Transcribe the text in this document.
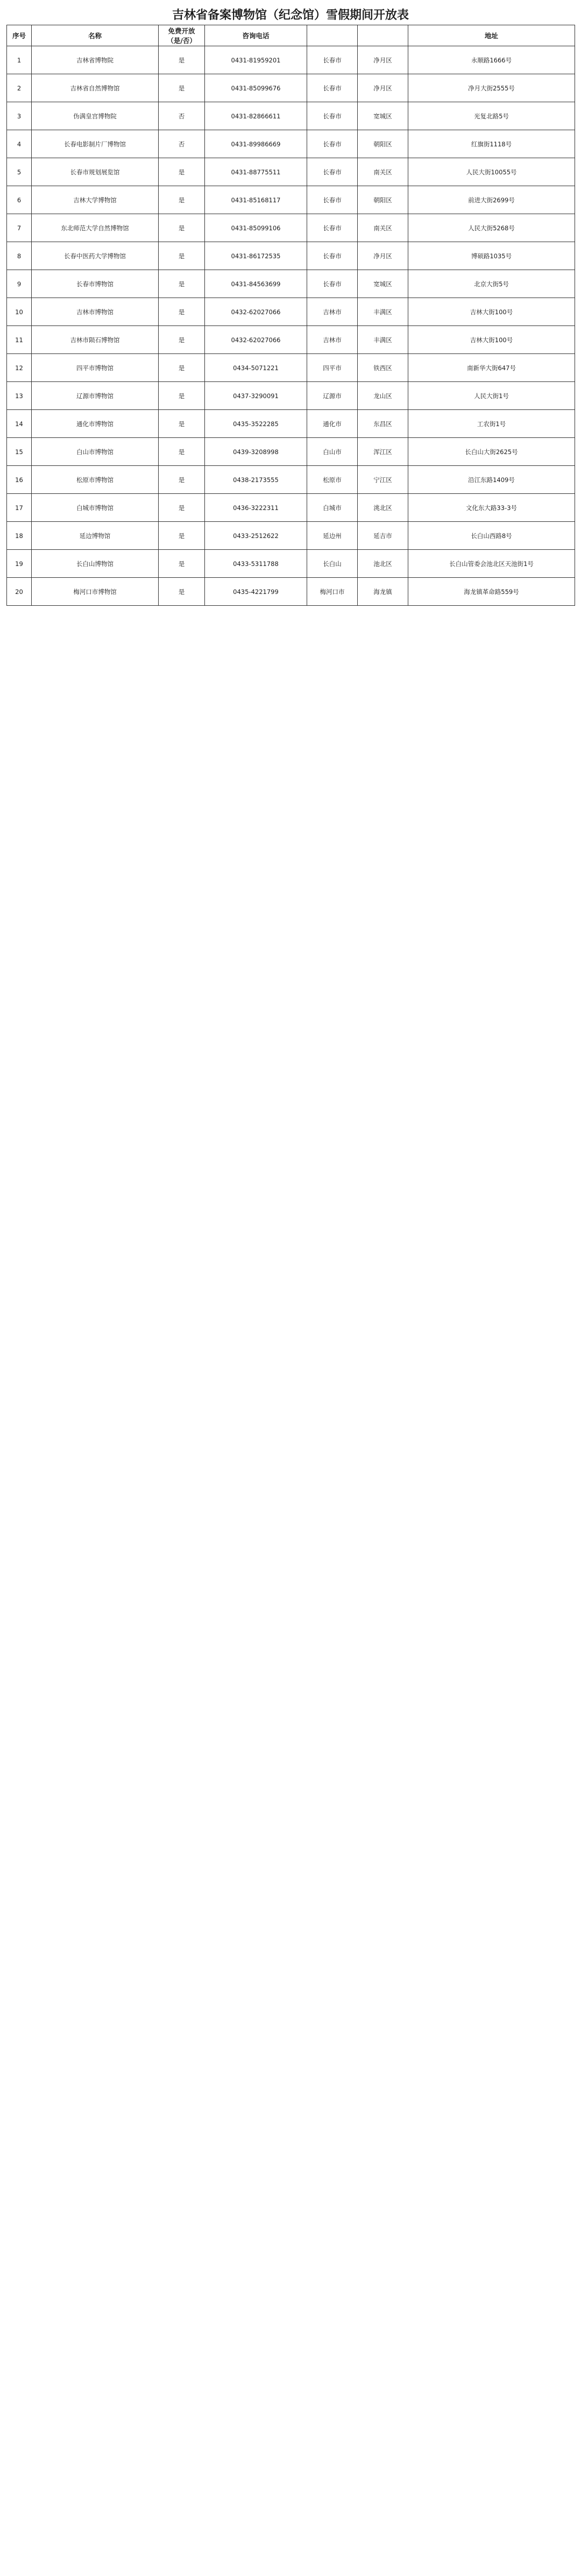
吉林省备案博物馆（纪念馆）雪假期间开放表
序号	名称	免费开放（是/否）	咨询电话			地址
1	吉林省博物院	是	0431-81959201	长春市	净月区	永顺路1666号
2	吉林省自然博物馆	是	0431-85099676	长春市	净月区	净月大街2555号
3	伪满皇宫博物院	否	0431-82866611	长春市	宽城区	光复北路5号
4	长春电影制片厂博物馆	否	0431-89986669	长春市	朝阳区	红旗街1118号
5	长春市规划展览馆	是	0431-88775511	长春市	南关区	人民大街10055号
6	吉林大学博物馆	是	0431-85168117	长春市	朝阳区	前进大街2699号
7	东北师范大学自然博物馆	是	0431-85099106	长春市	南关区	人民大街5268号
8	长春中医药大学博物馆	是	0431-86172535	长春市	净月区	博硕路1035号
9	长春市博物馆	是	0431-84563699	长春市	宽城区	北京大街5号
10	吉林市博物馆	是	0432-62027066	吉林市	丰满区	吉林大街100号
11	吉林市陨石博物馆	是	0432-62027066	吉林市	丰满区	吉林大街100号
12	四平市博物馆	是	0434-5071221	四平市	铁西区	南新华大街647号
13	辽源市博物馆	是	0437-3290091	辽源市	龙山区	人民大街1号
14	通化市博物馆	是	0435-3522285	通化市	东昌区	工农街1号
15	白山市博物馆	是	0439-3208998	白山市	浑江区	长白山大街2625号
16	松原市博物馆	是	0438-2173555	松原市	宁江区	沿江东路1409号
17	白城市博物馆	是	0436-3222311	白城市	洮北区	文化东大路33-3号
18	延边博物馆	是	0433-2512622	延边州	延吉市	长白山西路8号
19	长白山博物馆	是	0433-5311788	长白山	池北区	长白山管委会池北区天池街1号
20	梅河口市博物馆	是	0435-4221799	梅河口市	海龙镇	海龙镇革命路559号
